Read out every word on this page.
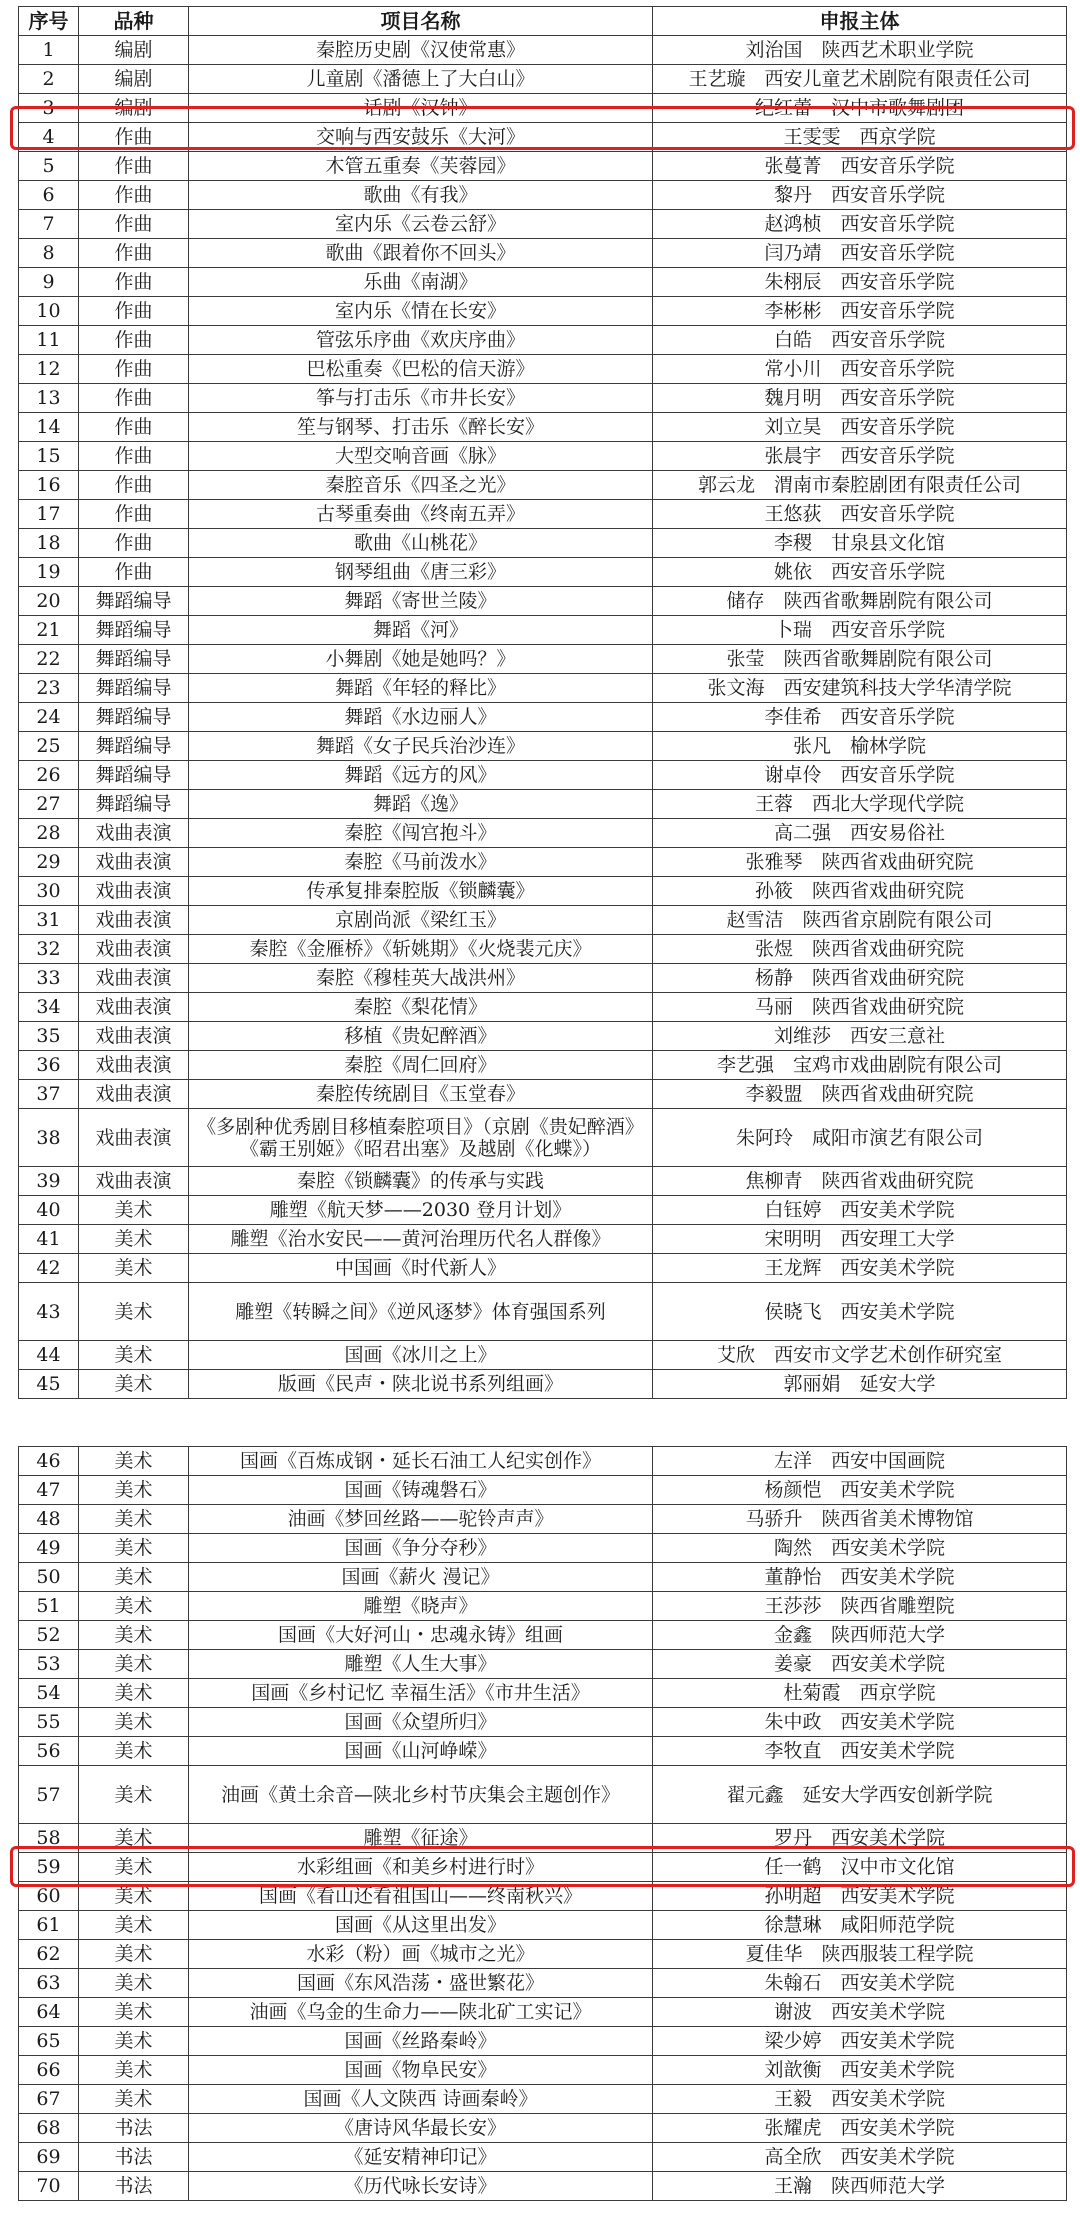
序号	品种	项目名称	申报主体
1	编剧	秦腔历史剧《汉使常惠》	刘治国　陕西艺术职业学院
2	编剧	儿童剧《潘德上了大白山》	王艺璇　西安儿童艺术剧院有限责任公司
3	编剧	话剧《汉钟》	纪红蕾　汉中市歌舞剧团
4	作曲	交响与西安鼓乐《大河》	王雯雯　西京学院
5	作曲	木管五重奏《芙蓉园》	张蔓菁　西安音乐学院
6	作曲	歌曲《有我》	黎丹　西安音乐学院
7	作曲	室内乐《云卷云舒》	赵鸿桢　西安音乐学院
8	作曲	歌曲《跟着你不回头》	闫乃靖　西安音乐学院
9	作曲	乐曲《南湖》	朱栩辰　西安音乐学院
10	作曲	室内乐《情在长安》	李彬彬　西安音乐学院
11	作曲	管弦乐序曲《欢庆序曲》	白皓　西安音乐学院
12	作曲	巴松重奏《巴松的信天游》	常小川　西安音乐学院
13	作曲	筝与打击乐《市井长安》	魏月明　西安音乐学院
14	作曲	笙与钢琴、打击乐《醉长安》	刘立昊　西安音乐学院
15	作曲	大型交响音画《脉》	张晨宇　西安音乐学院
16	作曲	秦腔音乐《四圣之光》	郭云龙　渭南市秦腔剧团有限责任公司
17	作曲	古琴重奏曲《终南五弄》	王悠荻　西安音乐学院
18	作曲	歌曲《山桃花》	李稷　甘泉县文化馆
19	作曲	钢琴组曲《唐三彩》	姚依　西安音乐学院
20	舞蹈编导	舞蹈《寄世兰陵》	储存　陕西省歌舞剧院有限公司
21	舞蹈编导	舞蹈《河》	卜瑞　西安音乐学院
22	舞蹈编导	小舞剧《她是她吗？》	张莹　陕西省歌舞剧院有限公司
23	舞蹈编导	舞蹈《年轻的释比》	张文海　西安建筑科技大学华清学院
24	舞蹈编导	舞蹈《水边丽人》	李佳希　西安音乐学院
25	舞蹈编导	舞蹈《女子民兵治沙连》	张凡　榆林学院
26	舞蹈编导	舞蹈《远方的风》	谢卓伶　西安音乐学院
27	舞蹈编导	舞蹈《逸》	王蓉　西北大学现代学院
28	戏曲表演	秦腔《闯宫抱斗》	高二强　西安易俗社
29	戏曲表演	秦腔《马前泼水》	张雅琴　陕西省戏曲研究院
30	戏曲表演	传承复排秦腔版《锁麟囊》	孙筱　陕西省戏曲研究院
31	戏曲表演	京剧尚派《梁红玉》	赵雪洁　陕西省京剧院有限公司
32	戏曲表演	秦腔《金雁桥》《斩姚期》《火烧裴元庆》	张煜　陕西省戏曲研究院
33	戏曲表演	秦腔《穆桂英大战洪州》	杨静　陕西省戏曲研究院
34	戏曲表演	秦腔《梨花情》	马丽　陕西省戏曲研究院
35	戏曲表演	移植《贵妃醉酒》	刘维莎　西安三意社
36	戏曲表演	秦腔《周仁回府》	李艺强　宝鸡市戏曲剧院有限公司
37	戏曲表演	秦腔传统剧目《玉堂春》	李毅盟　陕西省戏曲研究院
38	戏曲表演	《多剧种优秀剧目移植秦腔项目》（京剧《贵妃醉酒》《霸王别姬》《昭君出塞》及越剧《化蝶》）	朱阿玲　咸阳市演艺有限公司
39	戏曲表演	秦腔《锁麟囊》的传承与实践	焦柳青　陕西省戏曲研究院
40	美术	雕塑《航天梦——2030 登月计划》	白钰婷　西安美术学院
41	美术	雕塑《治水安民——黄河治理历代名人群像》	宋明明　西安理工大学
42	美术	中国画《时代新人》	王龙辉　西安美术学院
43	美术	雕塑《转瞬之间》《逆风逐梦》体育强国系列	侯晓飞　西安美术学院
44	美术	国画《冰川之上》	艾欣　西安市文学艺术创作研究室
45	美术	版画《民声・陕北说书系列组画》	郭丽娟　延安大学
46	美术	国画《百炼成钢・延长石油工人纪实创作》	左洋　西安中国画院
47	美术	国画《铸魂磐石》	杨颜恺　西安美术学院
48	美术	油画《梦回丝路——驼铃声声》	马骄升　陕西省美术博物馆
49	美术	国画《争分夺秒》	陶然　西安美术学院
50	美术	国画《薪火 漫记》	董静怡　西安美术学院
51	美术	雕塑《晓声》	王莎莎　陕西省雕塑院
52	美术	国画《大好河山・忠魂永铸》组画	金鑫　陕西师范大学
53	美术	雕塑《人生大事》	姜豪　西安美术学院
54	美术	国画《乡村记忆 幸福生活》《市井生活》	杜菊霞　西京学院
55	美术	国画《众望所归》	朱中政　西安美术学院
56	美术	国画《山河峥嵘》	李牧直　西安美术学院
57	美术	油画《黄土余音—陕北乡村节庆集会主题创作》	翟元鑫　延安大学西安创新学院
58	美术	雕塑《征途》	罗丹　西安美术学院
59	美术	水彩组画《和美乡村进行时》	任一鹤　汉中市文化馆
60	美术	国画《看山还看祖国山——终南秋兴》	孙明超　西安美术学院
61	美术	国画《从这里出发》	徐慧琳　咸阳师范学院
62	美术	水彩（粉）画《城市之光》	夏佳华　陕西服装工程学院
63	美术	国画《东风浩荡・盛世繁花》	朱翰石　西安美术学院
64	美术	油画《乌金的生命力——陕北矿工实记》	谢波　西安美术学院
65	美术	国画《丝路秦岭》	梁少婷　西安美术学院
66	美术	国画《物阜民安》	刘歆衡　西安美术学院
67	美术	国画《人文陕西 诗画秦岭》	王毅　西安美术学院
68	书法	《唐诗风华最长安》	张耀虎　西安美术学院
69	书法	《延安精神印记》	高全欣　西安美术学院
70	书法	《历代咏长安诗》	王瀚　陕西师范大学
